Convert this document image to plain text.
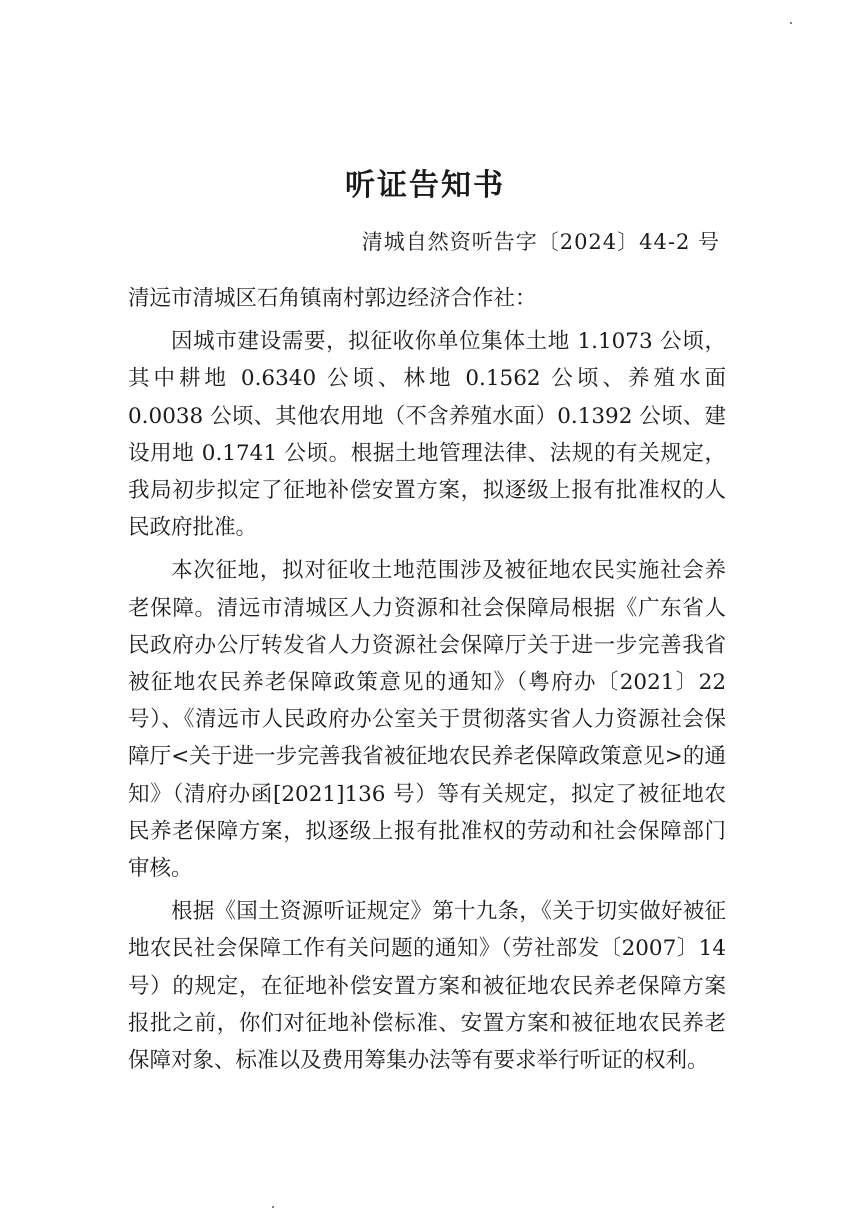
听证告知书
清城自然资听告字〔2024〕44-2 号

清远市清城区石角镇南村郭边经济合作社：

因城市建设需要，拟征收你单位集体土地 1.1073 公顷，其中耕地 0.6340 公顷、林地 0.1562 公顷、养殖水面 0.0038 公顷、其他农用地（不含养殖水面）0.1392 公顷、建设用地 0.1741 公顷。根据土地管理法律、法规的有关规定，我局初步拟定了征地补偿安置方案，拟逐级上报有批准权的人民政府批准。

本次征地，拟对征收土地范围涉及被征地农民实施社会养老保障。清远市清城区人力资源和社会保障局根据《广东省人民政府办公厅转发省人力资源社会保障厅关于进一步完善我省被征地农民养老保障政策意见的通知》（粤府办〔2021〕22 号）、《清远市人民政府办公室关于贯彻落实省人力资源社会保障厅<关于进一步完善我省被征地农民养老保障政策意见>的通知》（清府办函[2021]136 号）等有关规定，拟定了被征地农民养老保障方案，拟逐级上报有批准权的劳动和社会保障部门审核。

根据《国土资源听证规定》第十九条，《关于切实做好被征地农民社会保障工作有关问题的通知》（劳社部发〔2007〕14 号）的规定，在征地补偿安置方案和被征地农民养老保障方案报批之前，你们对征地补偿标准、安置方案和被征地农民养老保障对象、标准以及费用筹集办法等有要求举行听证的权利。
